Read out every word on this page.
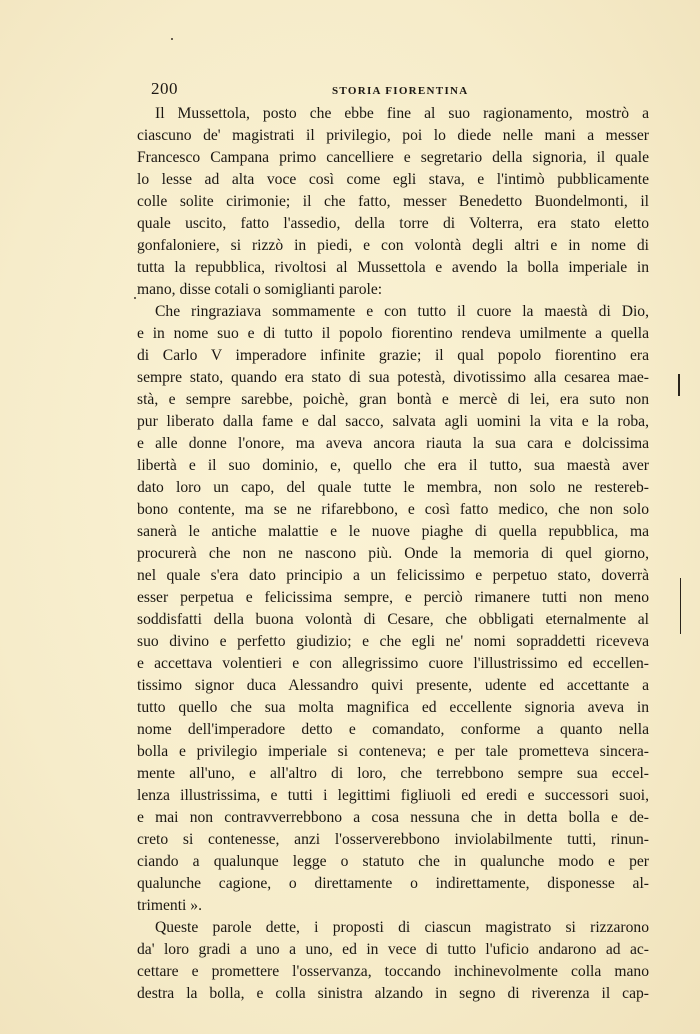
200	STORIA FIORENTINA
Il Mussettola, posto che ebbe fine al suo ragionamento, mostrò a
ciascuno de' magistrati il privilegio, poi lo diede nelle mani a messer
Francesco Campana primo cancelliere e segretario della signoria, il quale
lo lesse ad alta voce così come egli stava, e l'intimò pubblicamente
colle solite cirimonie; il che fatto, messer Benedetto Buondelmonti, il
quale uscito, fatto l'assedio, della torre di Volterra, era stato eletto
gonfaloniere, si rizzò in piedi, e con volontà degli altri e in nome di
tutta la repubblica, rivoltosi al Mussettola e avendo la bolla imperiale in
mano, disse cotali o somiglianti parole:
Che ringraziava sommamente e con tutto il cuore la maestà di Dio,
e in nome suo e di tutto il popolo fiorentino rendeva umilmente a quella
di Carlo V imperadore infinite grazie; il qual popolo fiorentino era
sempre stato, quando era stato di sua potestà, divotissimo alla cesarea mae-
stà, e sempre sarebbe, poichè, gran bontà e mercè di lei, era suto non
pur liberato dalla fame e dal sacco, salvata agli uomini la vita e la roba,
e alle donne l'onore, ma aveva ancora riauta la sua cara e dolcissima
libertà e il suo dominio, e, quello che era il tutto, sua maestà aver
dato loro un capo, del quale tutte le membra, non solo ne restereb-
bono contente, ma se ne rifarebbono, e così fatto medico, che non solo
sanerà le antiche malattie e le nuove piaghe di quella repubblica, ma
procurerà che non ne nascono più. Onde la memoria di quel giorno,
nel quale s'era dato principio a un felicissimo e perpetuo stato, doverrà
esser perpetua e felicissima sempre, e perciò rimanere tutti non meno
soddisfatti della buona volontà di Cesare, che obbligati eternalmente al
suo divino e perfetto giudizio; e che egli ne' nomi sopraddetti riceveva
e accettava volentieri e con allegrissimo cuore l'illustrissimo ed eccellen-
tissimo signor duca Alessandro quivi presente, udente ed accettante a
tutto quello che sua molta magnifica ed eccellente signoria aveva in
nome dell'imperadore detto e comandato, conforme a quanto nella
bolla e privilegio imperiale si conteneva; e per tale prometteva sincera-
mente all'uno, e all'altro di loro, che terrebbono sempre sua eccel-
lenza illustrissima, e tutti i legittimi figliuoli ed eredi e successori suoi,
e mai non contravverrebbono a cosa nessuna che in detta bolla e de-
creto si contenesse, anzi l'osserverebbono inviolabilmente tutti, rinun-
ciando a qualunque legge o statuto che in qualunche modo e per
qualunche cagione, o direttamente o indirettamente, disponesse al-
trimenti ».
Queste parole dette, i proposti di ciascun magistrato si rizzarono
da' loro gradi a uno a uno, ed in vece di tutto l'uficio andarono ad ac-
cettare e promettere l'osservanza, toccando inchinevolmente colla mano
destra la bolla, e colla sinistra alzando in segno di riverenza il cap-
